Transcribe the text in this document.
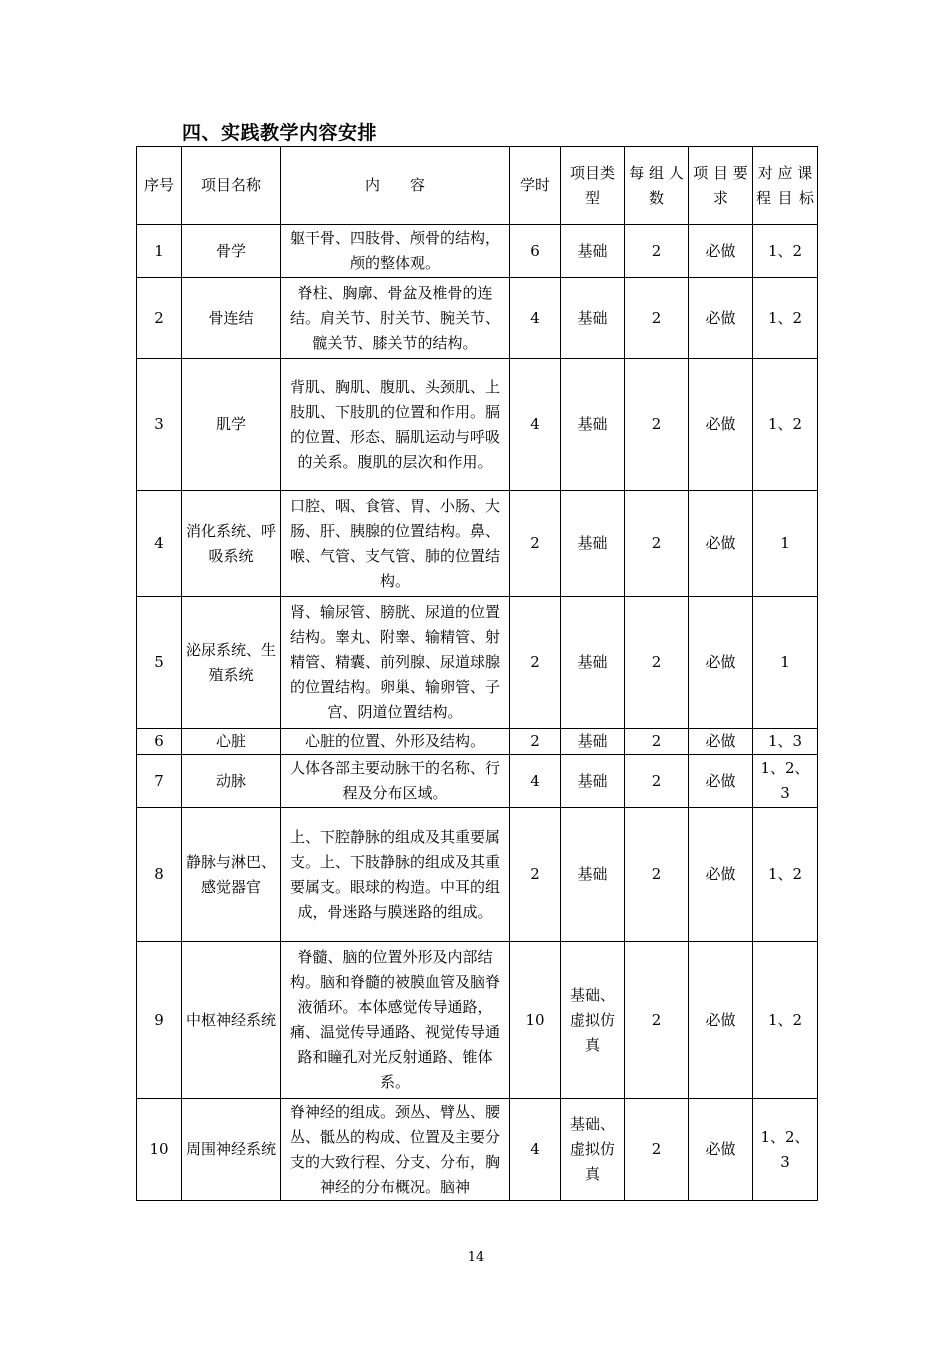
四、实践教学内容安排
序号	项目名称	内　　容	学时	项目类型	每 组 人数	项 目 要求	对 应 课 程 目 标
1	骨学	躯干骨、四肢骨、颅骨的结构，颅的整体观。	6	基础	2	必做	1、2
2	骨连结	脊柱、胸廓、骨盆及椎骨的连结。肩关节、肘关节、腕关节、髋关节、膝关节的结构。	4	基础	2	必做	1、2
3	肌学	背肌、胸肌、腹肌、头颈肌、上肢肌、下肢肌的位置和作用。膈的位置、形态、膈肌运动与呼吸的关系。腹肌的层次和作用。	4	基础	2	必做	1、2
4	消化系统、呼吸系统	口腔、咽、食管、胃、小肠、大肠、肝、胰腺的位置结构。鼻、喉、气管、支气管、肺的位置结构。	2	基础	2	必做	1
5	泌尿系统、生殖系统	肾、输尿管、膀胱、尿道的位置结构。睾丸、附睾、输精管、射精管、精囊、前列腺、尿道球腺的位置结构。卵巢、输卵管、子宫、阴道位置结构。	2	基础	2	必做	1
6	心脏	心脏的位置、外形及结构。	2	基础	2	必做	1、3
7	动脉	人体各部主要动脉干的名称、行程及分布区域。	4	基础	2	必做	1、2、3
8	静脉与淋巴、感觉器官	上、下腔静脉的组成及其重要属支。上、下肢静脉的组成及其重要属支。眼球的构造。中耳的组成，骨迷路与膜迷路的组成。	2	基础	2	必做	1、2
9	中枢神经系统	脊髓、脑的位置外形及内部结构。脑和脊髓的被膜血管及脑脊液循环。本体感觉传导通路，痛、温觉传导通路、视觉传导通路和瞳孔对光反射通路、锥体系。	10	基础、虚拟仿真	2	必做	1、2
10	周围神经系统	脊神经的组成。颈丛、臂丛、腰丛、骶丛的构成、位置及主要分支的大致行程、分支、分布，胸神经的分布概况。脑神	4	基础、虚拟仿真	2	必做	1、2、3
14
